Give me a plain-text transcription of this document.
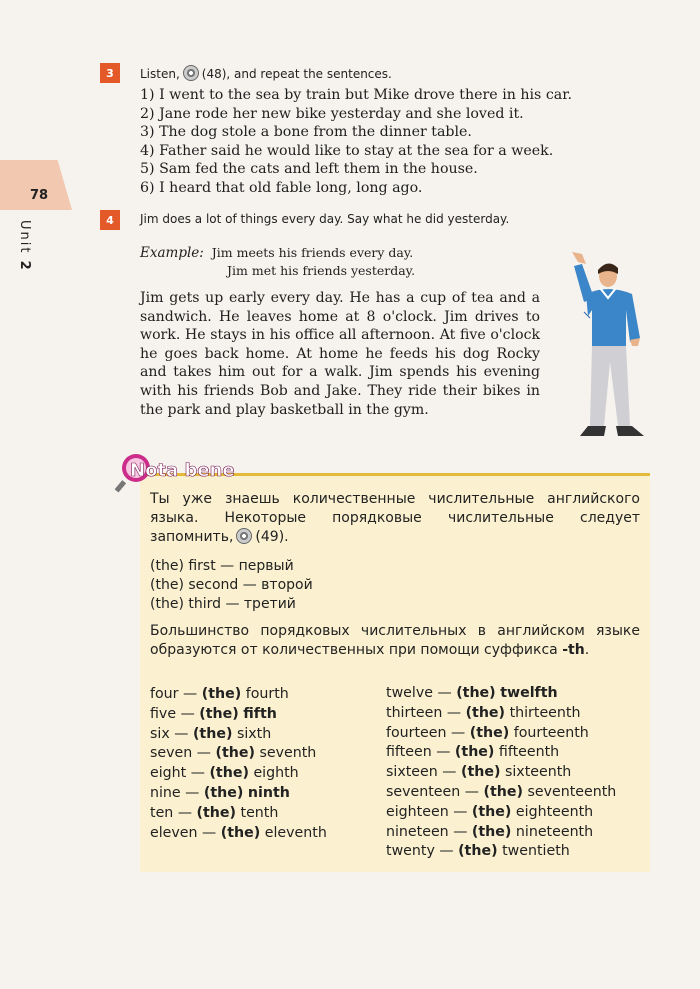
78
Unit 2
3	Listen, (48), and repeat the sentences.
1) I went to the sea by train but Mike drove there in his car.
2) Jane rode her new bike yesterday and she loved it.
3) The dog stole a bone from the dinner table.
4) Father said he would like to stay at the sea for a week.
5) Sam fed the cats and left them in the house.
6) I heard that old fable long, long ago.
4	Jim does a lot of things every day. Say what he did yesterday.
Example: Jim meets his friends every day.
Jim met his friends yesterday.

Jim gets up early every day. He has a cup of tea and a sandwich. He leaves home at 8 o'clock. Jim drives to work. He stays in his office all afternoon. At five o'clock he goes back home. At home he feeds his dog Rocky and takes him out for a walk. Jim spends his evening with his friends Bob and Jake. They ride their bikes in the park and play basketball in the gym.

Nota bene
Ты уже знаешь количественные числительные английского языка. Некоторые порядковые числительные следует запомнить, (49).
(the) first — первый
(the) second — второй
(the) third — третий
Большинство порядковых числительных в английском языке образуются от количественных при помощи суффикса -th.
four — (the) fourth
five — (the) fifth
six — (the) sixth
seven — (the) seventh
eight — (the) eighth
nine — (the) ninth
ten — (the) tenth
eleven — (the) eleventh
twelve — (the) twelfth
thirteen — (the) thirteenth
fourteen — (the) fourteenth
fifteen — (the) fifteenth
sixteen — (the) sixteenth
seventeen — (the) seventeenth
eighteen — (the) eighteenth
nineteen — (the) nineteenth
twenty — (the) twentieth
